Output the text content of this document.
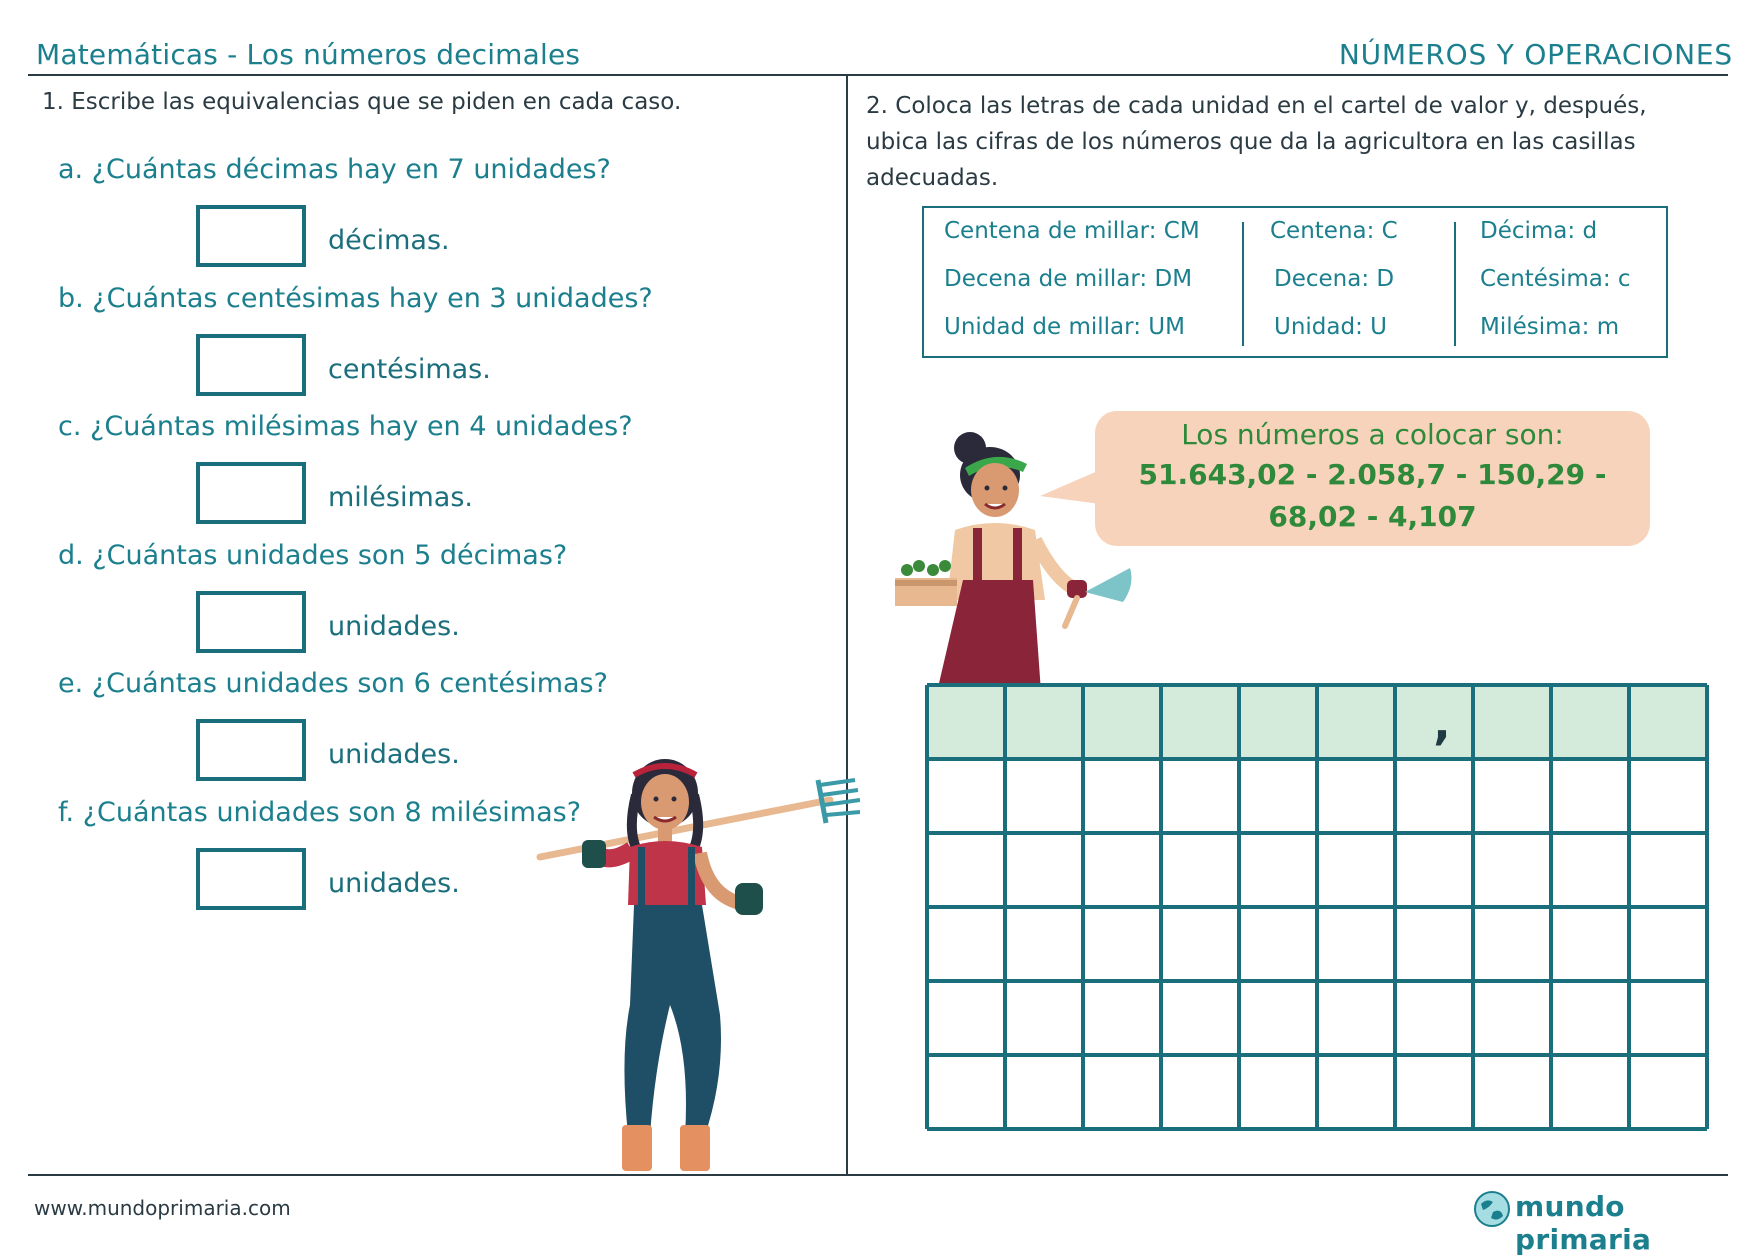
Matemáticas - Los números decimales	NÚMEROS Y OPERACIONES
1. Escribe las equivalencias que se piden en cada caso.
a. ¿Cuántas décimas hay en 7 unidades?
décimas.
b. ¿Cuántas centésimas hay en 3 unidades?
centésimas.
c. ¿Cuántas milésimas hay en 4 unidades?
milésimas.
d. ¿Cuántas unidades son 5 décimas?
unidades.
e. ¿Cuántas unidades son 6 centésimas?
unidades.
f. ¿Cuántas unidades son 8 milésimas?
unidades.
2. Coloca las letras de cada unidad en el cartel de valor y, después, ubica las cifras de los números que da la agricultora en las casillas adecuadas.
Centena de millar: CM
Decena de millar: DM
Unidad de millar: UM
Centena: C
Decena: D
Unidad: U
Décima: d
Centésima: c
Milésima: m
Los números a colocar son:
51.643,02 - 2.058,7 - 150,29 -
68,02 - 4,107
,
www.mundoprimaria.com	mundo primaria
